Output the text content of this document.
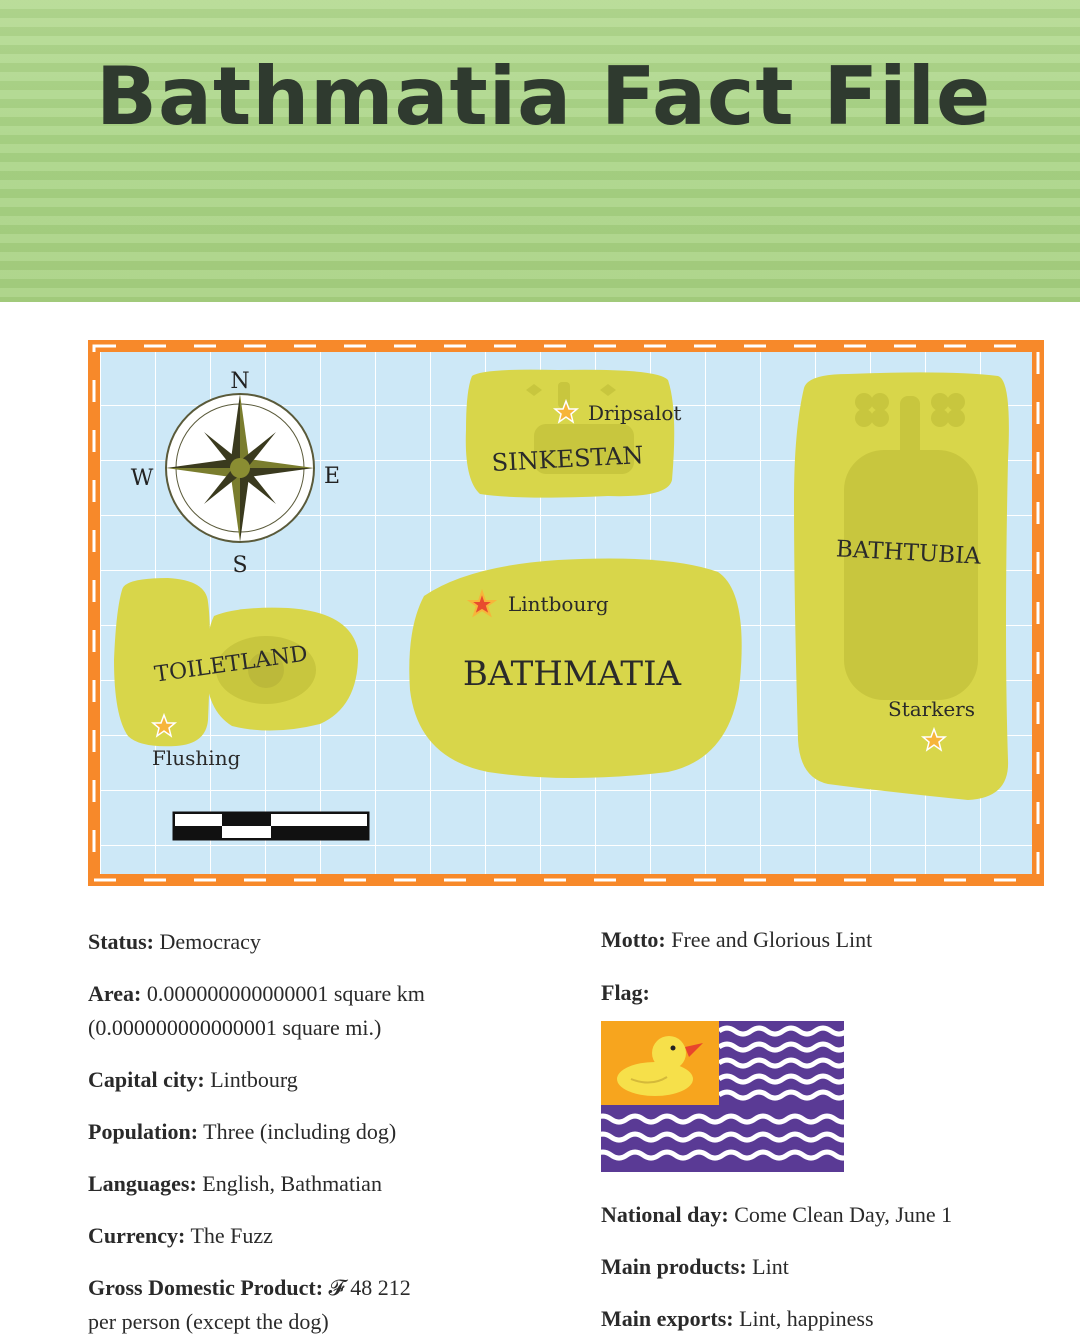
Bathmatia Fact File
N
S
E
W
SINKESTAN
BATHTUBIA
TOILETLAND	BATHMATIA
Dripsalot
Lintbourg
Flushing
Starkers
Status: Democracy
Area: 0.000000000000001 square km
(0.000000000000001 square mi.)
Capital city: Lintbourg
Population: Three (including dog)
Languages: English, Bathmatian
Currency: The Fuzz
Gross Domestic Product: 𝓕 48 212
per person (except the dog)
Motto: Free and Glorious Lint
Flag:
National day: Come Clean Day, June 1
Main products: Lint
Main exports: Lint, happiness
